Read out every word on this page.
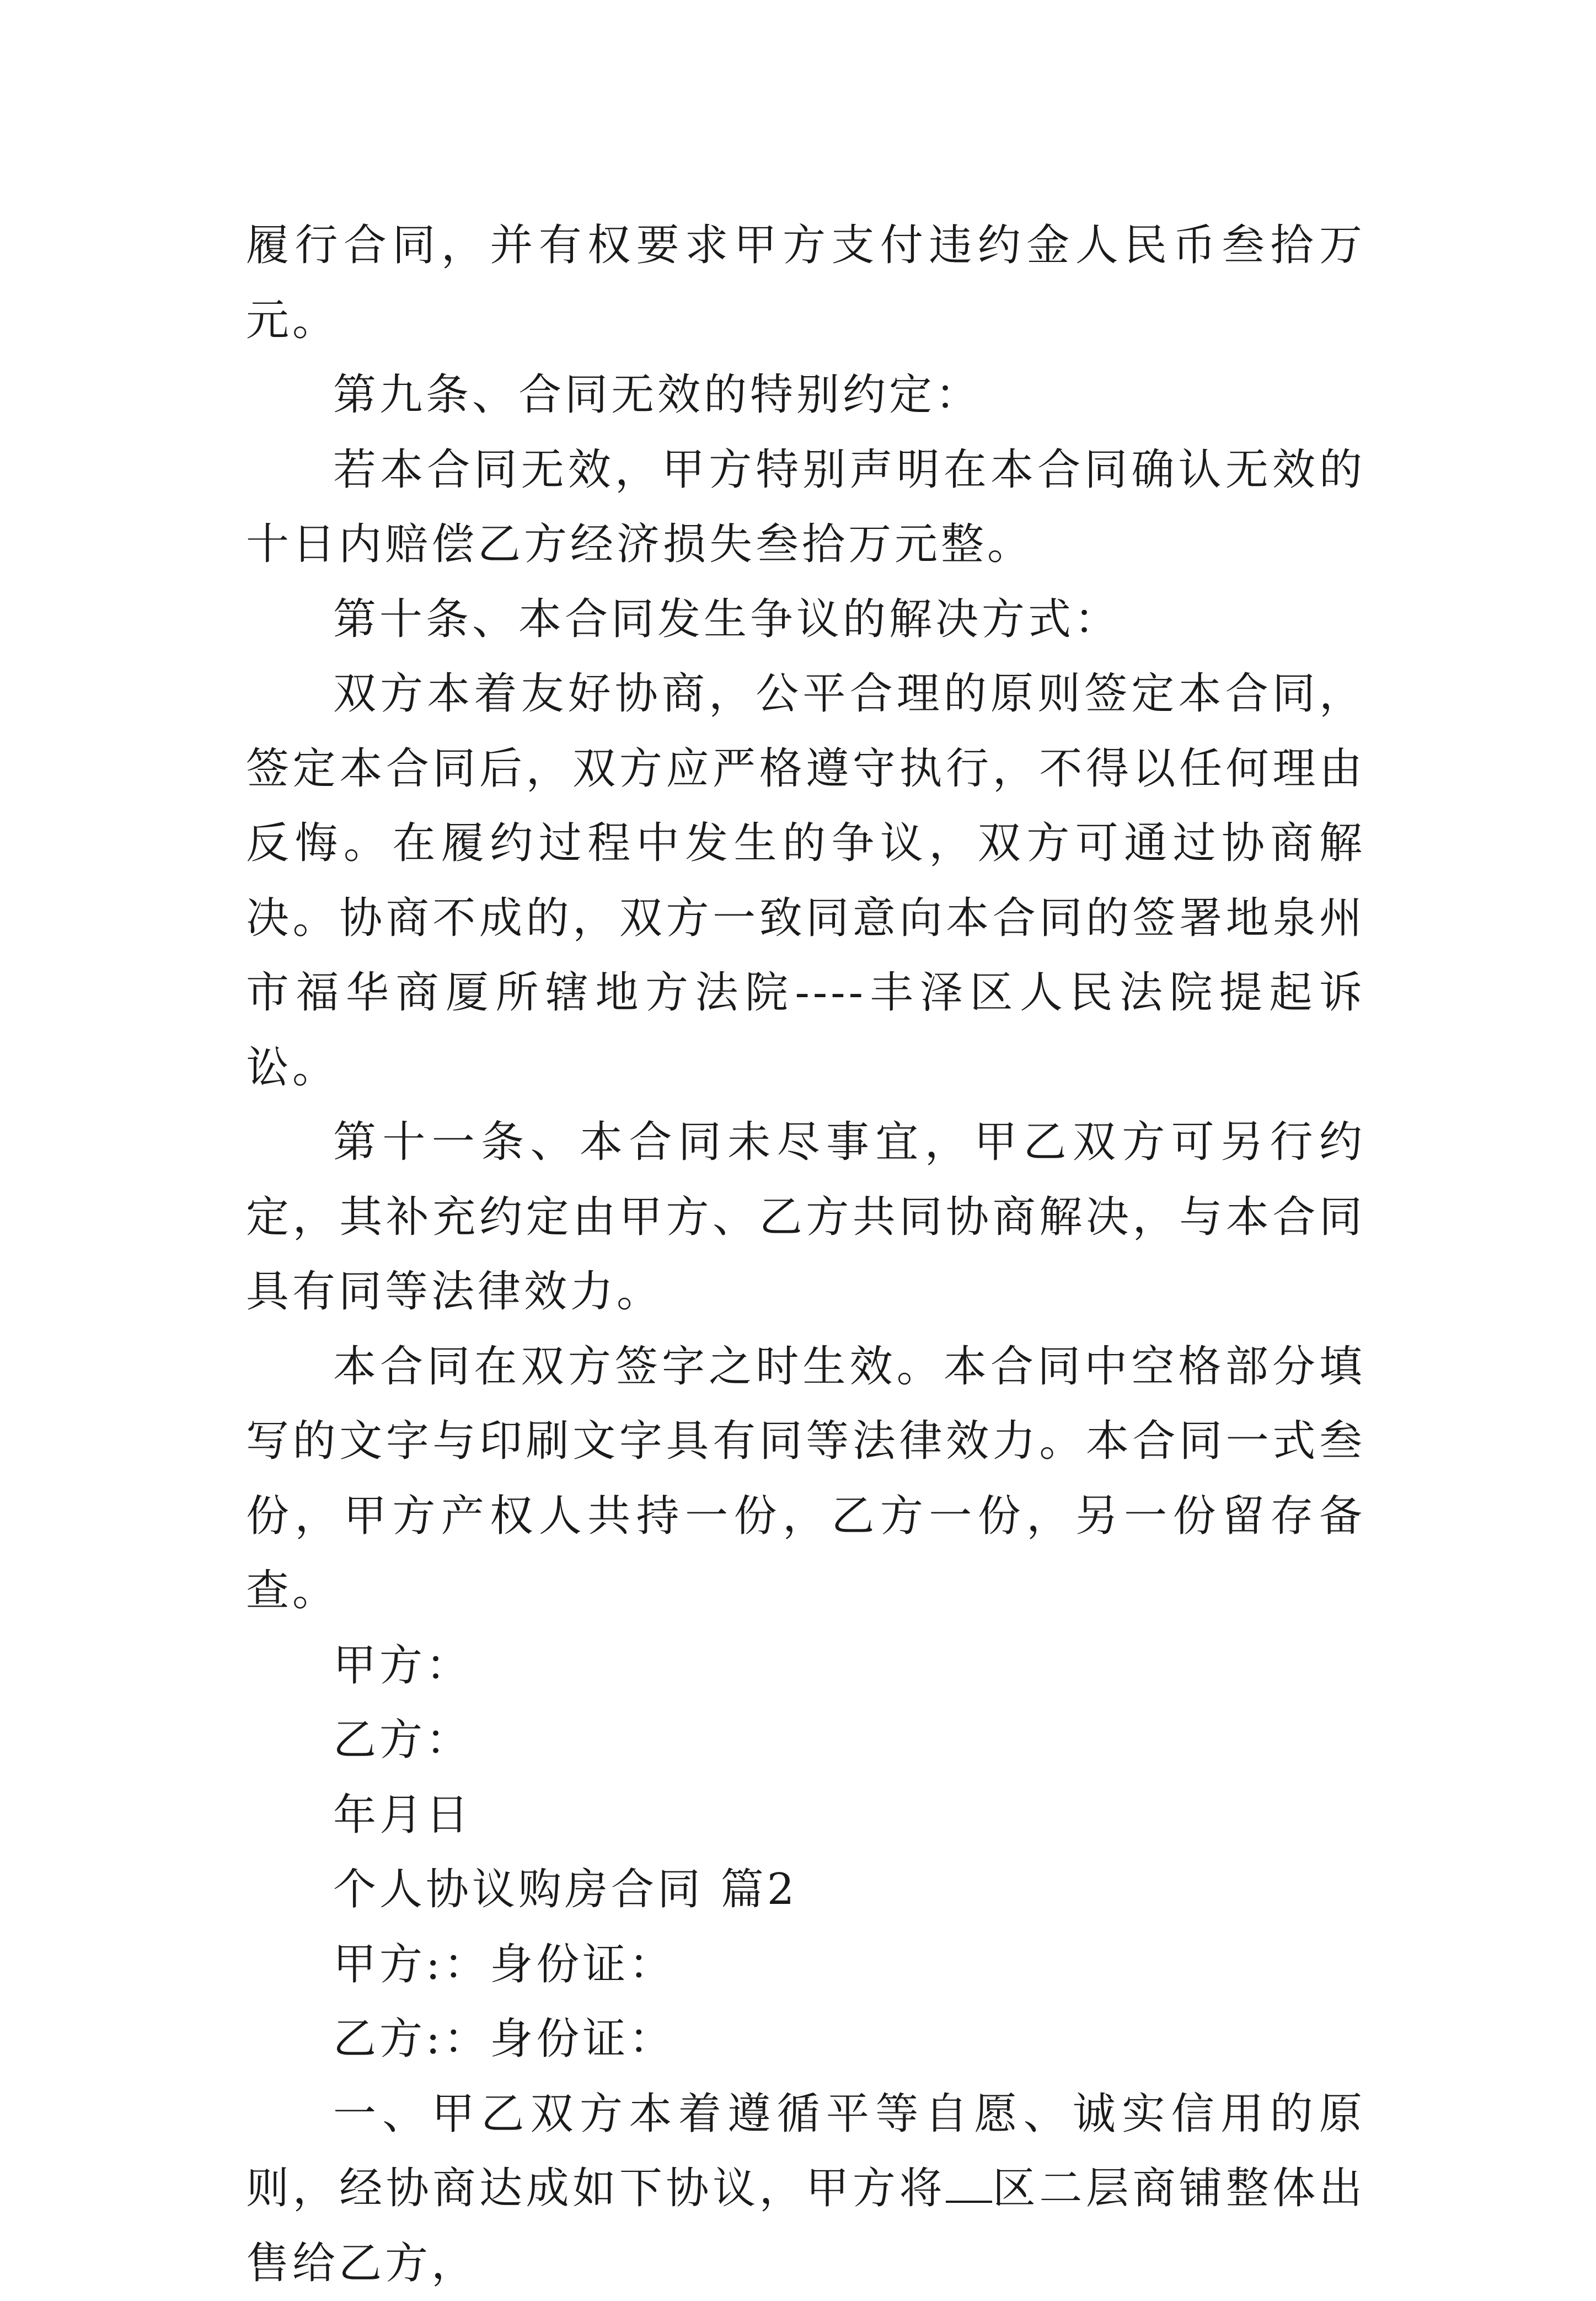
履行合同，并有权要求甲方支付违约金人民币叁拾万元。

第九条、合同无效的特别约定：

若本合同无效，甲方特别声明在本合同确认无效的十日内赔偿乙方经济损失叁拾万元整。

第十条、本合同发生争议的解决方式：

双方本着友好协商，公平合理的原则签定本合同，签定本合同后，双方应严格遵守执行，不得以任何理由反悔。在履约过程中发生的争议，双方可通过协商解决。协商不成的，双方一致同意向本合同的签署地泉州市福华商厦所辖地方法院----丰泽区人民法院提起诉讼。

第十一条、本合同未尽事宜，甲乙双方可另行约定，其补充约定由甲方、乙方共同协商解决，与本合同具有同等法律效力。

本合同在双方签字之时生效。本合同中空格部分填写的文字与印刷文字具有同等法律效力。本合同一式叁份，甲方产权人共持一份，乙方一份，另一份留存备查。

甲方：

乙方：

年月日

个人协议购房合同 篇2

甲方:：身份证：

乙方:：身份证：

一、甲乙双方本着遵循平等自愿、诚实信用的原则，经协商达成如下协议，甲方将 区二层商铺整体出售给乙方，
